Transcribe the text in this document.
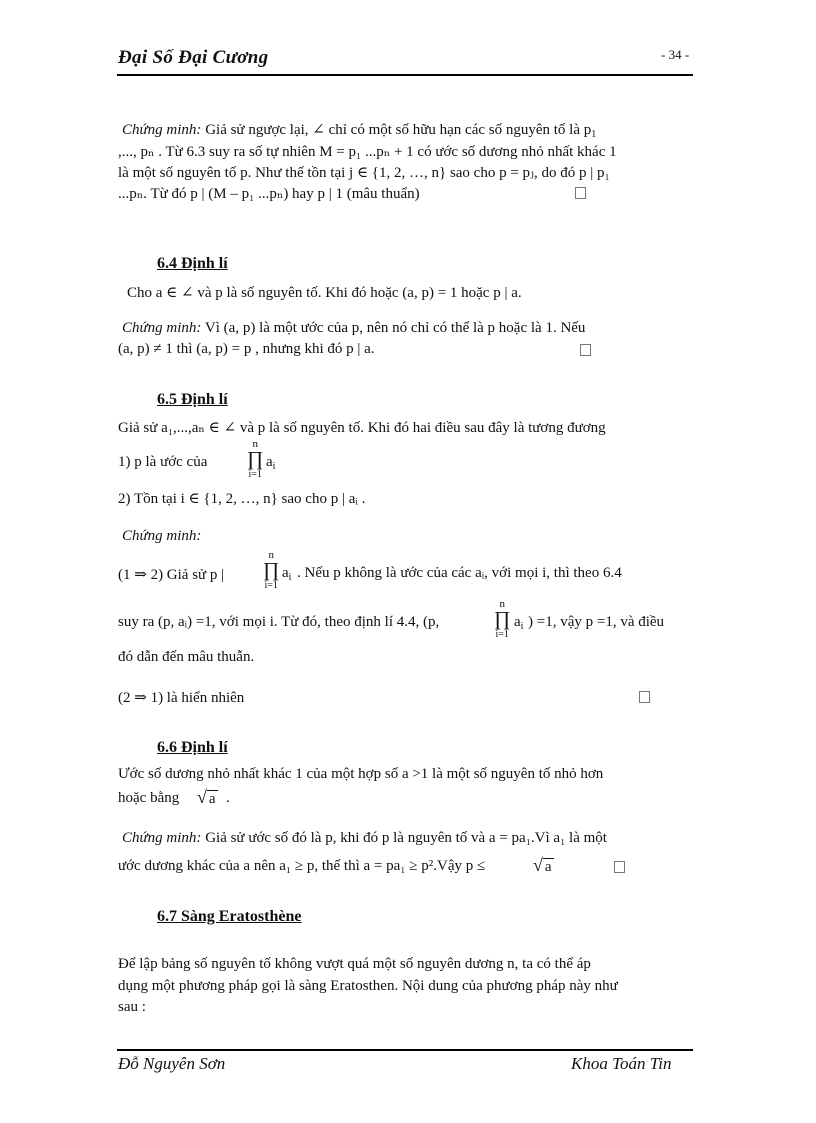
Đại Số Đại Cương	- 34 -
Chứng minh: Giả sử ngược lại, ∠ chỉ có một số hữu hạn các số nguyên tố là $p_1$
,..., pₙ . Từ 6.3 suy ra số tự nhiên M = p₁ ...pₙ + 1 có ước số dương nhỏ nhất khác 1
là một số nguyên tố p. Như thế tồn tại j ∈ {1, 2, …, n} sao cho p = pⱼ, do đó p | p₁
...pₙ. Từ đó p | (M – p₁ ...pₙ) hay p | 1 (mâu thuẩn)
6.4 Định lí
Cho a ∈ ∠ và p là số nguyên tố. Khi đó hoặc (a, p) = 1 hoặc p | a.
Chứng minh: Vì (a, p) là một ước của p, nên nó chỉ có thể là p hoặc là 1. Nếu
(a, p) ≠ 1 thì (a, p) = p , nhưng khi đó p | a.
6.5 Định lí
Giả sử a₁,...,aₙ ∈ ∠ và p là số nguyên tố. Khi đó hai điều sau đây là tương đương
1) p là ước của
n
∏
i=1
$a_i$
2) Tồn tại i ∈ {1, 2, …, n} sao cho p | aᵢ .
Chứng minh:
(1 ⇒ 2) Giả sử p |
n
∏
i=1
$a_i$ . Nếu p không là ước của các aᵢ, với mọi i, thì theo 6.4
suy ra (p, aᵢ) =1, với mọi i. Từ đó, theo định lí 4.4, (p,
n
∏
i=1
$a_i$ ) =1, vậy p =1, và điều
đó dẫn đến mâu thuẫn.
(2 ⇒ 1) là hiển nhiên
6.6 Định lí
Ước số dương nhỏ nhất khác 1 của một hợp số a >1 là một số nguyên tố nhỏ hơn
hoặc bằng √ a .
Chứng minh: Giả sử ước số đó là p, khi đó p là nguyên tố và a = pa₁.Vì a₁ là một
ước dương khác của a nên a₁ ≥ p, thế thì a = pa₁ ≥ p².Vậy p ≤	√ a
6.7 Sàng Eratosthène
Để lập bảng số nguyên tố không vượt quá một số nguyên dương n, ta có thể áp
dụng một phương pháp gọi là sàng Eratosthen. Nội dung của phương pháp này như
sau :
Đỗ Nguyên Sơn	Khoa Toán Tin
